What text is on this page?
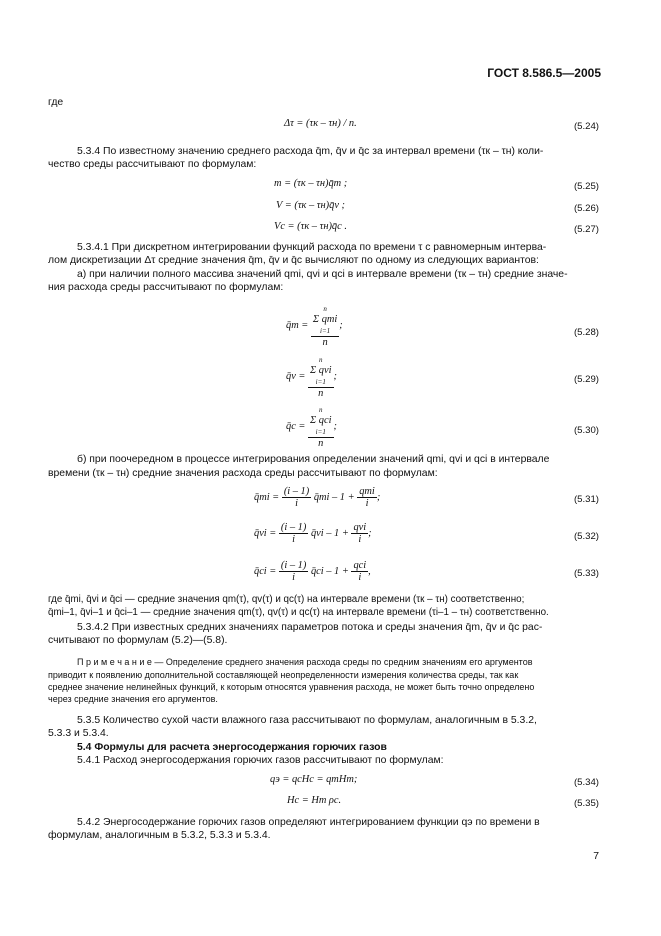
ГОСТ 8.586.5—2005
где
Δτ = (τк – τн) / n.	(5.24)
5.3.4 По известному значению среднего расхода q̄m, q̄v и q̄c за интервал времени (τк – τн) коли-
чество среды рассчитывают по формулам:
m = (τк – τн)q̄m ;	(5.25)
V = (τк – τн)q̄v ;	(5.26)
Vc = (τк – τн)q̄c .	(5.27)
5.3.4.1 При дискретном интегрировании функций расхода по времени τ с равномерным интерва-
лом дискретизации Δτ средние значения q̄m, q̄v и q̄c вычисляют по одному из следующих вариантов:
а) при наличии полного массива значений qmi, qvi и qci в интервале времени (τк – τн) средние значе-
ния расхода среды рассчитывают по формулам:
q̄m =
n
Σ qmi
i=1
n
;
(5.28)
q̄v =
n
Σ qvi
i=1
n
;	(5.29)
q̄c =
n
Σ qci
i=1
n
;	(5.30)
б) при поочередном в процессе интегрирования определении значений qmi, qvi и qci в интервале
времени (τк – τн) средние значения расхода среды рассчитывают по формулам:
q̄mi = $\frac{(i - 1)}{i}$ q̄mi – $1 + \frac{\text{qmi}}{i}$ ;	(5.31)
q̄vi = $\frac{(i - 1)}{i}$ q̄vi – $1 + \frac{\text{qvi}}{i}$ ;	(5.32)
q̄ci = $\frac{(i - 1)}{i}$ q̄ci – $1 + \frac{\text{qci}}{i}$ ,	(5.33)
где q̄mi, q̄vi и q̄ci — средние значения qm(τ), qv(τ) и qc(τ) на интервале времени (τк – τн) соответственно;
q̄mi–1, q̄vi–1 и q̄ci–1 — средние значения qm(τ), qv(τ) и qc(τ) на интервале времени (τi–1 – τн) соответственно.
5.3.4.2 При известных средних значениях параметров потока и среды значения q̄m, q̄v и q̄c рас-
считывают по формулам (5.2)—(5.8).
П р и м е ч а н и е — Определение среднего значения расхода среды по средним значениям его аргументов
приводит к появлению дополнительной составляющей неопределенности измерения количества среды, так как
среднее значение нелинейных функций, к которым относятся уравнения расхода, не может быть точно определено
через средние значения его аргументов.
5.3.5 Количество сухой части влажного газа рассчитывают по формулам, аналогичным в 5.3.2,
5.3.3 и 5.3.4.
5.4 Формулы для расчета энергосодержания горючих газов
5.4.1 Расход энергосодержания горючих газов рассчитывают по формулам:
qэ = qcHc = qmHm;	(5.34)
Hc = Hm ρc.	(5.35)
5.4.2 Энергосодержание горючих газов определяют интегрированием функции qэ по времени в
формулам, аналогичным в 5.3.2, 5.3.3 и 5.3.4.
7
